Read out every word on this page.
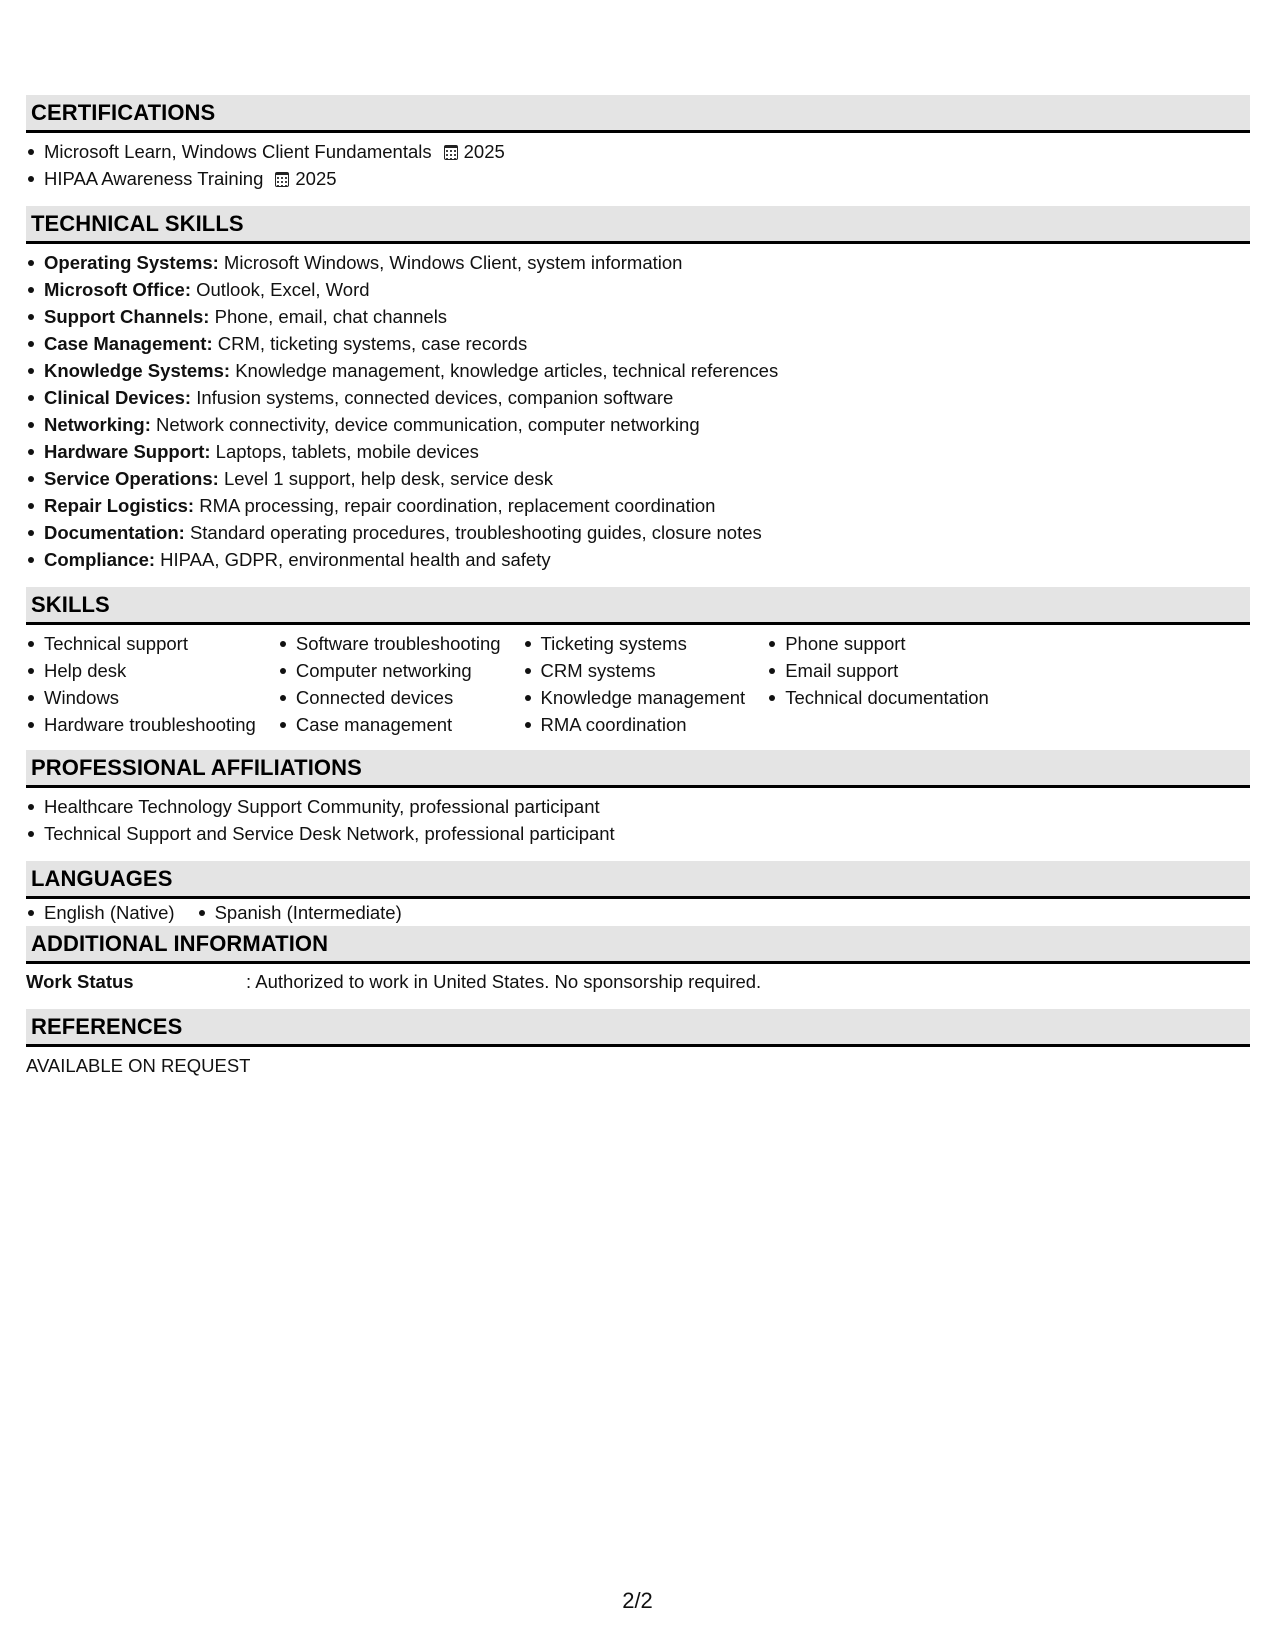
CERTIFICATIONS
Microsoft Learn, Windows Client Fundamentals 2025
HIPAA Awareness Training 2025
TECHNICAL SKILLS
Operating Systems: Microsoft Windows, Windows Client, system information
Microsoft Office: Outlook, Excel, Word
Support Channels: Phone, email, chat channels
Case Management: CRM, ticketing systems, case records
Knowledge Systems: Knowledge management, knowledge articles, technical references
Clinical Devices: Infusion systems, connected devices, companion software
Networking: Network connectivity, device communication, computer networking
Hardware Support: Laptops, tablets, mobile devices
Service Operations: Level 1 support, help desk, service desk
Repair Logistics: RMA processing, repair coordination, replacement coordination
Documentation: Standard operating procedures, troubleshooting guides, closure notes
Compliance: HIPAA, GDPR, environmental health and safety
SKILLS
Technical support
Help desk
Windows
Hardware troubleshooting
Software troubleshooting
Computer networking
Connected devices
Case management
Ticketing systems
CRM systems
Knowledge management
RMA coordination
Phone support
Email support
Technical documentation
PROFESSIONAL AFFILIATIONS
Healthcare Technology Support Community, professional participant
Technical Support and Service Desk Network, professional participant
LANGUAGES
English (Native)	Spanish (Intermediate)
ADDITIONAL INFORMATION
Work Status	: Authorized to work in United States. No sponsorship required.
REFERENCES
AVAILABLE ON REQUEST
2/2
